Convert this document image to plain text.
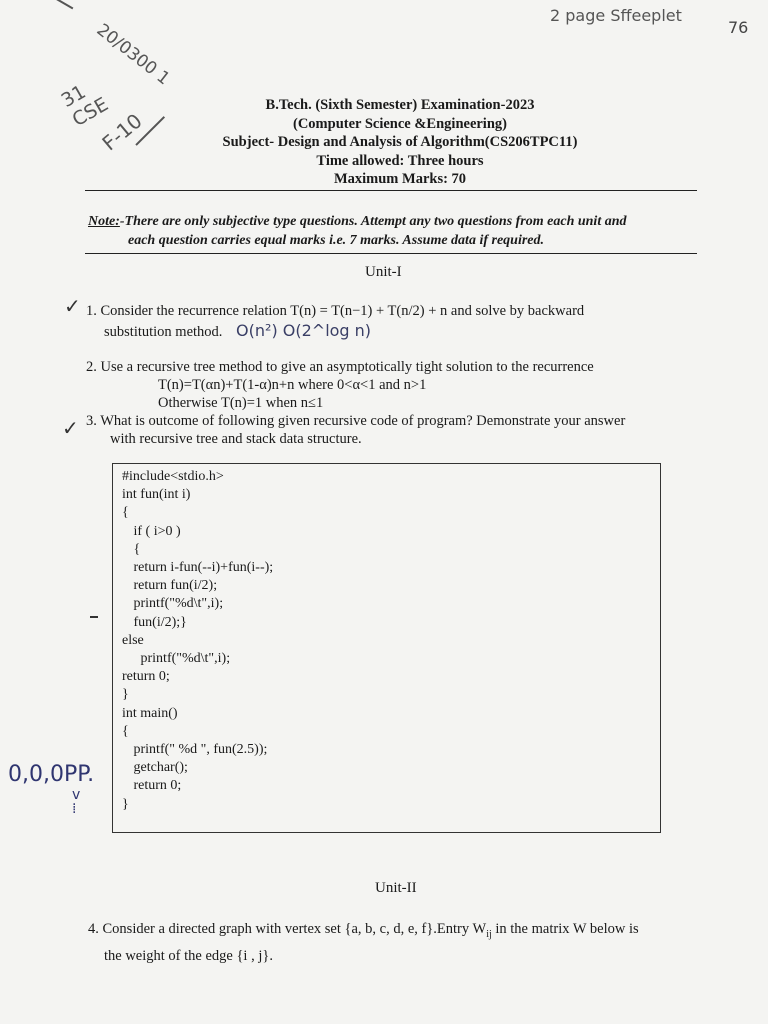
20/0300 1
31 CSE
F-10
2 page Sffeeplet
76
B.Tech. (Sixth Semester) Examination-2023
(Computer Science &Engineering)
Subject- Design and Analysis of Algorithm(CS206TPC11)
Time allowed: Three hours
Maximum Marks: 70
Note:-There are only subjective type questions. Attempt any two questions from each unit and
each question carries equal marks i.e. 7 marks. Assume data if required.
Unit-I
✓ 1. Consider the recurrence relation T(n) = T(n−1) + T(n/2) + n and solve by backward
substitution method. O(n²) O(2^log n)
2. Use a recursive tree method to give an asymptotically tight solution to the recurrence
T(n)=T(αn)+T(1-α)n+n where 0<α<1 and n>1
Otherwise T(n)=1 when n≤1
✓ 3. What is outcome of following given recursive code of program? Demonstrate your answer
with recursive tree and stack data structure.
#include<stdio.h>
int fun(int i)
{
if ( i>0 )
{
return i-fun(--i)+fun(i--);
return fun(i/2);
printf("%d\t",i);
fun(i/2);}
else
printf("%d\t",i);
return 0;
}
int main()
{
printf(" %d ", fun(2.5));
getchar();
return 0;
}
0,0,0PP.
v
⁞
Unit-II
4. Consider a directed graph with vertex set {a, b, c, d, e, f}.Entry $W_{ij}$ in the matrix W below is
the weight of the edge {i , j}.
